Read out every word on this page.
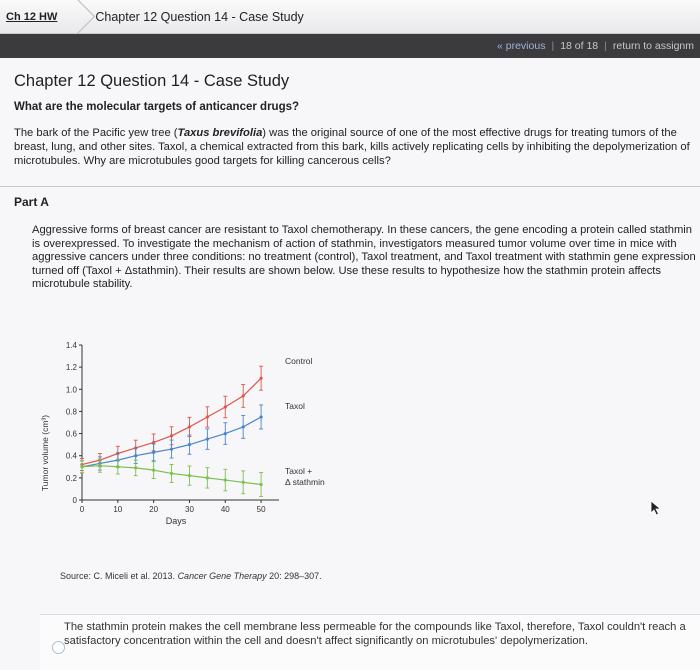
Ch 12 HW	Chapter 12 Question 14 - Case Study
« previous | 18 of 18 | return to assignm
Chapter 12 Question 14 - Case Study
What are the molecular targets of anticancer drugs?
The bark of the Pacific yew tree (Taxus brevifolia) was the original source of one of the most effective drugs for treating tumors of the breast, lung, and other sites. Taxol, a chemical extracted from this bark, kills actively replicating cells by inhibiting the depolymerization of microtubules. Why are microtubules good targets for killing cancerous cells?
Part A
Aggressive forms of breast cancer are resistant to Taxol chemotherapy. In these cancers, the gene encoding a protein called stathmin is overexpressed. To investigate the mechanism of action of stathmin, investigators measured tumor volume over time in mice with aggressive cancers under three conditions: no treatment (control), Taxol treatment, and Taxol treatment with stathmin gene expression turned off (Taxol + Δstathmin). Their results are shown below. Use these results to hypothesize how the stathmin protein affects microtubule stability.
0
0.2
0.4
0.6
0.8
1.0
1.2
1.4
0	10	20	30	40	50
Tumor volume (cm³)
Days
Control
Taxol
Taxol +
Δ stathmin
Source: C. Miceli et al. 2013. Cancer Gene Therapy 20: 298–307.
The stathmin protein makes the cell membrane less permeable for the compounds like Taxol, therefore, Taxol couldn't reach a satisfactory concentration within the cell and doesn't affect significantly on microtubules' depolymerization.
